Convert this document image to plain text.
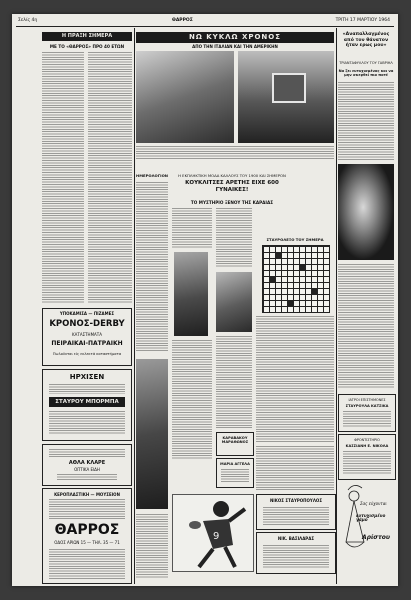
Σελίς 4η	ΘΑΡΡΟΣ	ΤΡΙΤΗ 17 ΜΑΡΤΙΟΥ 1964
Η ΠΡΑΞΗ ΣΗΜΕΡΑ
ΜΕ ΤΟ «ΘΑΡΡΟΣ» ΠΡΟ 40 ΕΤΩΝ
ΥΠΟΚΑΜΙΣΑ — ΠΙΖΑΜΕΣ
ΚΡΟΝΟΣ-DERBY
ΚΑΤΑΣΤΗΜΑΤΑ
ΠΕΙΡΑΙΚΑΙ-ΠΑΤΡΑΙΚΗ
Πωλούνται είς εκλεκτά καταστήματα
ΗΡΧΙΣΕΝ
ΣΤΑΥΡΟΥ ΜΠΟΡΜΠΑ
ΑΘΛΑ ΚΛΑΡΕ
ΟΠΤΙΚΑ ΕΙΔΗ
ΚΕΡΟΠΛΑΣΤΙΚΗ — ΜΟΥΣΕΙΟΝ
ΘΑΡΡΟΣ
ΟΔΟΣ ΑΡΙΩΝ 15 — ΤΗΛ. 35 — 71
ΝΩ ΚΥΚΛΩ ΧΡΟΝΟΣ
ΑΠΟ ΤΗΝ ΙΤΑΛΙΑΝ ΚΑΙ ΤΗΝ ΑΜΕΡΙΚΗΝ
ΗΜΕΡΟΛΟΓΙΟΝ	Η ΕΚΠΛΗΚΤΙΚΗ ΜΟΔΑ ΚΑΛΛΟΥΣ ΤΟΥ 1900 ΚΑΙ ΣΗΜΕΡΟΝ
ΚΟΥΚΛΙΤΣΕΣ ΑΡΕΤΗΣ ΕΙΧΕ 600 ΓΥΝΑΙΚΕΣ!
ΤΟ ΜΥΣΤΗΡΙΟ ΞΕΝΟΥ ΤΗΣ ΚΑΡΔΙΑΣ
ΚΑΡΑΒΑΚΟΥ ΜΑΡΑΘΩΝΟΣ
ΜΑΡΙΑ ΑΓΓΕΛΑ
ΣΤΑΥΡΟΛΕΞΟ ΤΟΥ ΣΗΜΕΡΑ
9
ΝΙΚΟΣ ΣΤΑΥΡΟΠΟΥΛΟΣ
ΝΙΚ. ΒΑΣΙΛΑΡΑΣ
«Αναπαλλαγμένος από τον θάνατον ήταν ερως μου»
ΤΡΙΑΝΤΑΦΥΛΛΟΥ ΤΟΥ ΓΑΒΡΙΗΛ
Να ζει ευτυχισμένος και να μην σκεφθεί πια ποτέ
ΙΑΤΡΟΙ ΕΠΙΣΤΗΜΟΝΕΣ
ΣΤΑΥΡΟΥΛΑ ΚΑΤΣΙΚΑ
ΦΡΟΝΤΙΣΤΗΡΙΟ
ΚΑΣΣΙΑΝΗ Ε. ΝΙΚΟΛΑ
Σας εύχονται
ευτυχισμένο γάμο
Αρίστου
